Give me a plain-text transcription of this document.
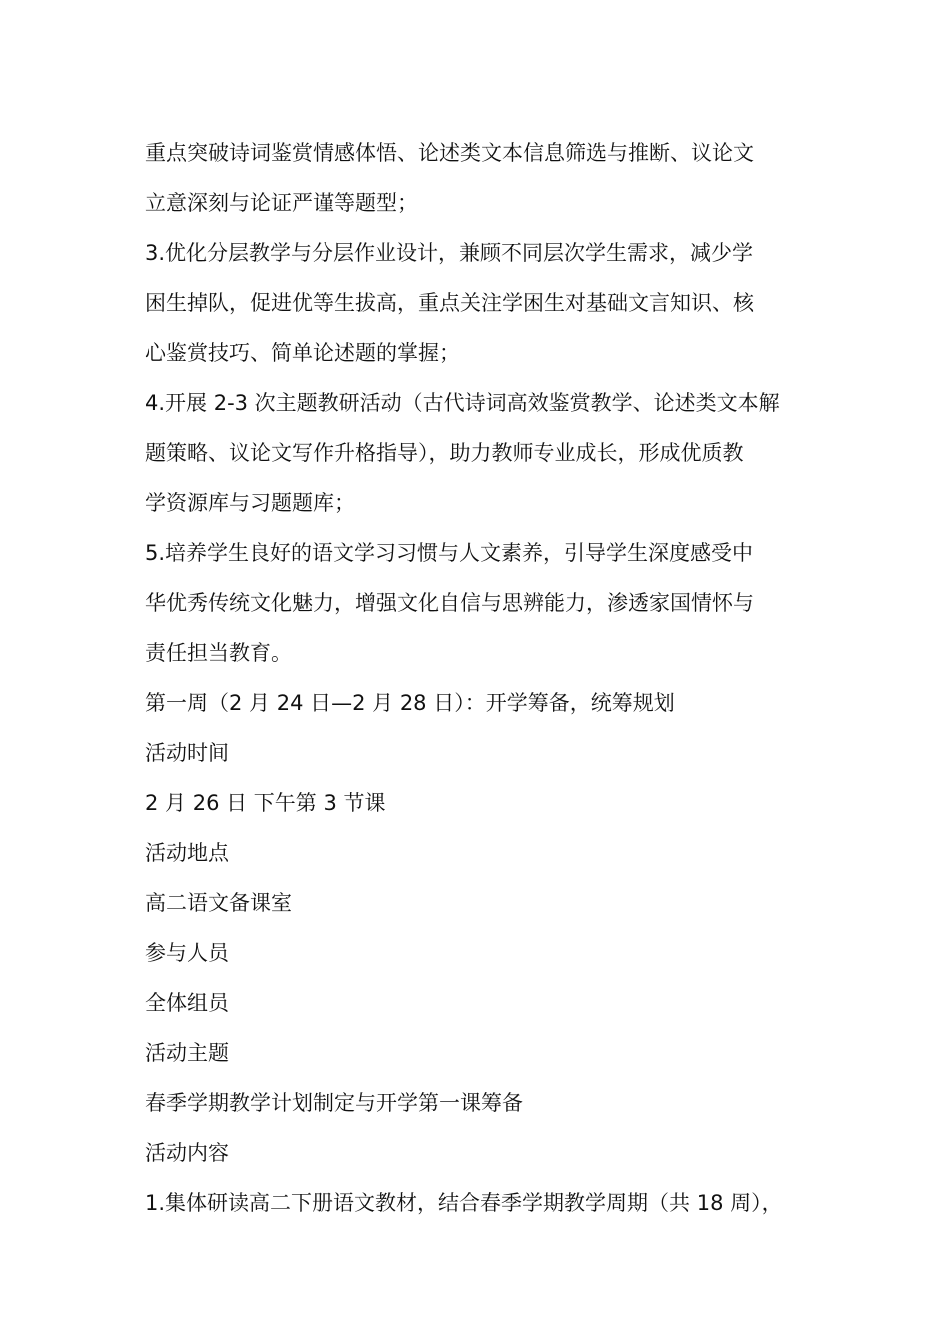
重点突破诗词鉴赏情感体悟、论述类文本信息筛选与推断、议论文

立意深刻与论证严谨等题型；

3.优化分层教学与分层作业设计，兼顾不同层次学生需求，减少学

困生掉队，促进优等生拔高，重点关注学困生对基础文言知识、核

心鉴赏技巧、简单论述题的掌握；

4.开展 2-3 次主题教研活动（古代诗词高效鉴赏教学、论述类文本解

题策略、议论文写作升格指导），助力教师专业成长，形成优质教

学资源库与习题题库；

5.培养学生良好的语文学习习惯与人文素养，引导学生深度感受中

华优秀传统文化魅力，增强文化自信与思辨能力，渗透家国情怀与

责任担当教育。

第一周（2 月 24 日—2 月 28 日）：开学筹备，统筹规划

活动时间

2 月 26 日 下午第 3 节课

活动地点

高二语文备课室

参与人员

全体组员

活动主题

春季学期教学计划制定与开学第一课筹备

活动内容

1.集体研读高二下册语文教材，结合春季学期教学周期（共 18 周），
